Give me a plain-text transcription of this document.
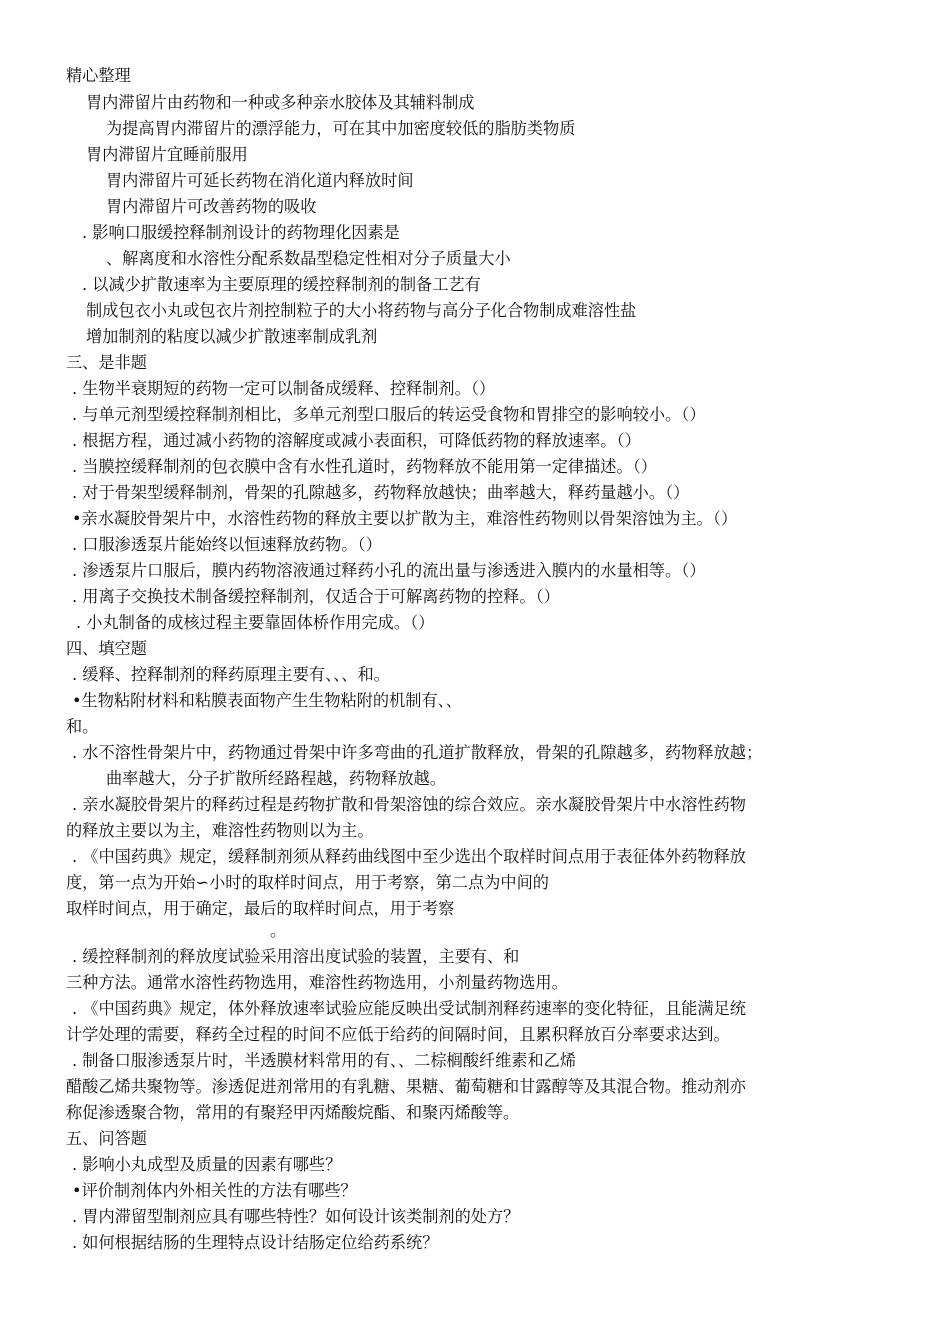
精心整理
胃内滞留片由药物和一种或多种亲水胶体及其辅料制成
为提高胃内滞留片的漂浮能力，可在其中加密度较低的脂肪类物质
胃内滞留片宜睡前服用
胃内滞留片可延长药物在消化道内释放时间
胃内滞留片可改善药物的吸收
. 影响口服缓控释制剂设计的药物理化因素是
、解离度和水溶性分配系数晶型稳定性相对分子质量大小
. 以减少扩散速率为主要原理的缓控释制剂的制备工艺有
制成包衣小丸或包衣片剂控制粒子的大小将药物与高分子化合物制成难溶性盐
增加制剂的粘度以减少扩散速率制成乳剂
三、是非题
. 生物半衰期短的药物一定可以制备成缓释、控释制剂。（）
. 与单元剂型缓控释制剂相比，多单元剂型口服后的转运受食物和胃排空的影响较小。（）
. 根据方程，通过减小药物的溶解度或减小表面积，可降低药物的释放速率。（）
. 当膜控缓释制剂的包衣膜中含有水性孔道时，药物释放不能用第一定律描述。（）
. 对于骨架型缓释制剂，骨架的孔隙越多，药物释放越快；曲率越大，释药量越小。（）
•亲水凝胶骨架片中，水溶性药物的释放主要以扩散为主，难溶性药物则以骨架溶蚀为主。（）
. 口服渗透泵片能始终以恒速释放药物。（）
. 渗透泵片口服后，膜内药物溶液通过释药小孔的流出量与渗透进入膜内的水量相等。（）
. 用离子交换技术制备缓控释制剂，仅适合于可解离药物的控释。（）
. 小丸制备的成核过程主要靠固体桥作用完成。（）
四、填空题
. 缓释、控释制剂的释药原理主要有、、、和。
•生物粘附材料和粘膜表面物产生生物粘附的机制有、、
和。
. 水不溶性骨架片中，药物通过骨架中许多弯曲的孔道扩散释放，骨架的孔隙越多，药物释放越；
曲率越大，分子扩散所经路程越，药物释放越。
. 亲水凝胶骨架片的释药过程是药物扩散和骨架溶蚀的综合效应。亲水凝胶骨架片中水溶性药物
的释放主要以为主，难溶性药物则以为主。
. 《中国药典》规定，缓释制剂须从释药曲线图中至少选出个取样时间点用于表征体外药物释放
度，第一点为开始∽小时的取样时间点，用于考察，第二点为中间的
取样时间点，用于确定，最后的取样时间点，用于考察
。
. 缓控释制剂的释放度试验采用溶出度试验的装置，主要有、和
三种方法。通常水溶性药物选用，难溶性药物选用，小剂量药物选用。
. 《中国药典》规定，体外释放速率试验应能反映出受试制剂释药速率的变化特征，且能满足统
计学处理的需要，释药全过程的时间不应低于给药的间隔时间，且累积释放百分率要求达到。
. 制备口服渗透泵片时，半透膜材料常用的有、、二棕榈酸纤维素和乙烯
醋酸乙烯共聚物等。渗透促进剂常用的有乳糖、果糖、葡萄糖和甘露醇等及其混合物。推动剂亦
称促渗透聚合物，常用的有聚羟甲丙烯酸烷酯、和聚丙烯酸等。
五、问答题
. 影响小丸成型及质量的因素有哪些？
•评价制剂体内外相关性的方法有哪些？
. 胃内滞留型制剂应具有哪些特性？如何设计该类制剂的处方？
. 如何根据结肠的生理特点设计结肠定位给药系统？
